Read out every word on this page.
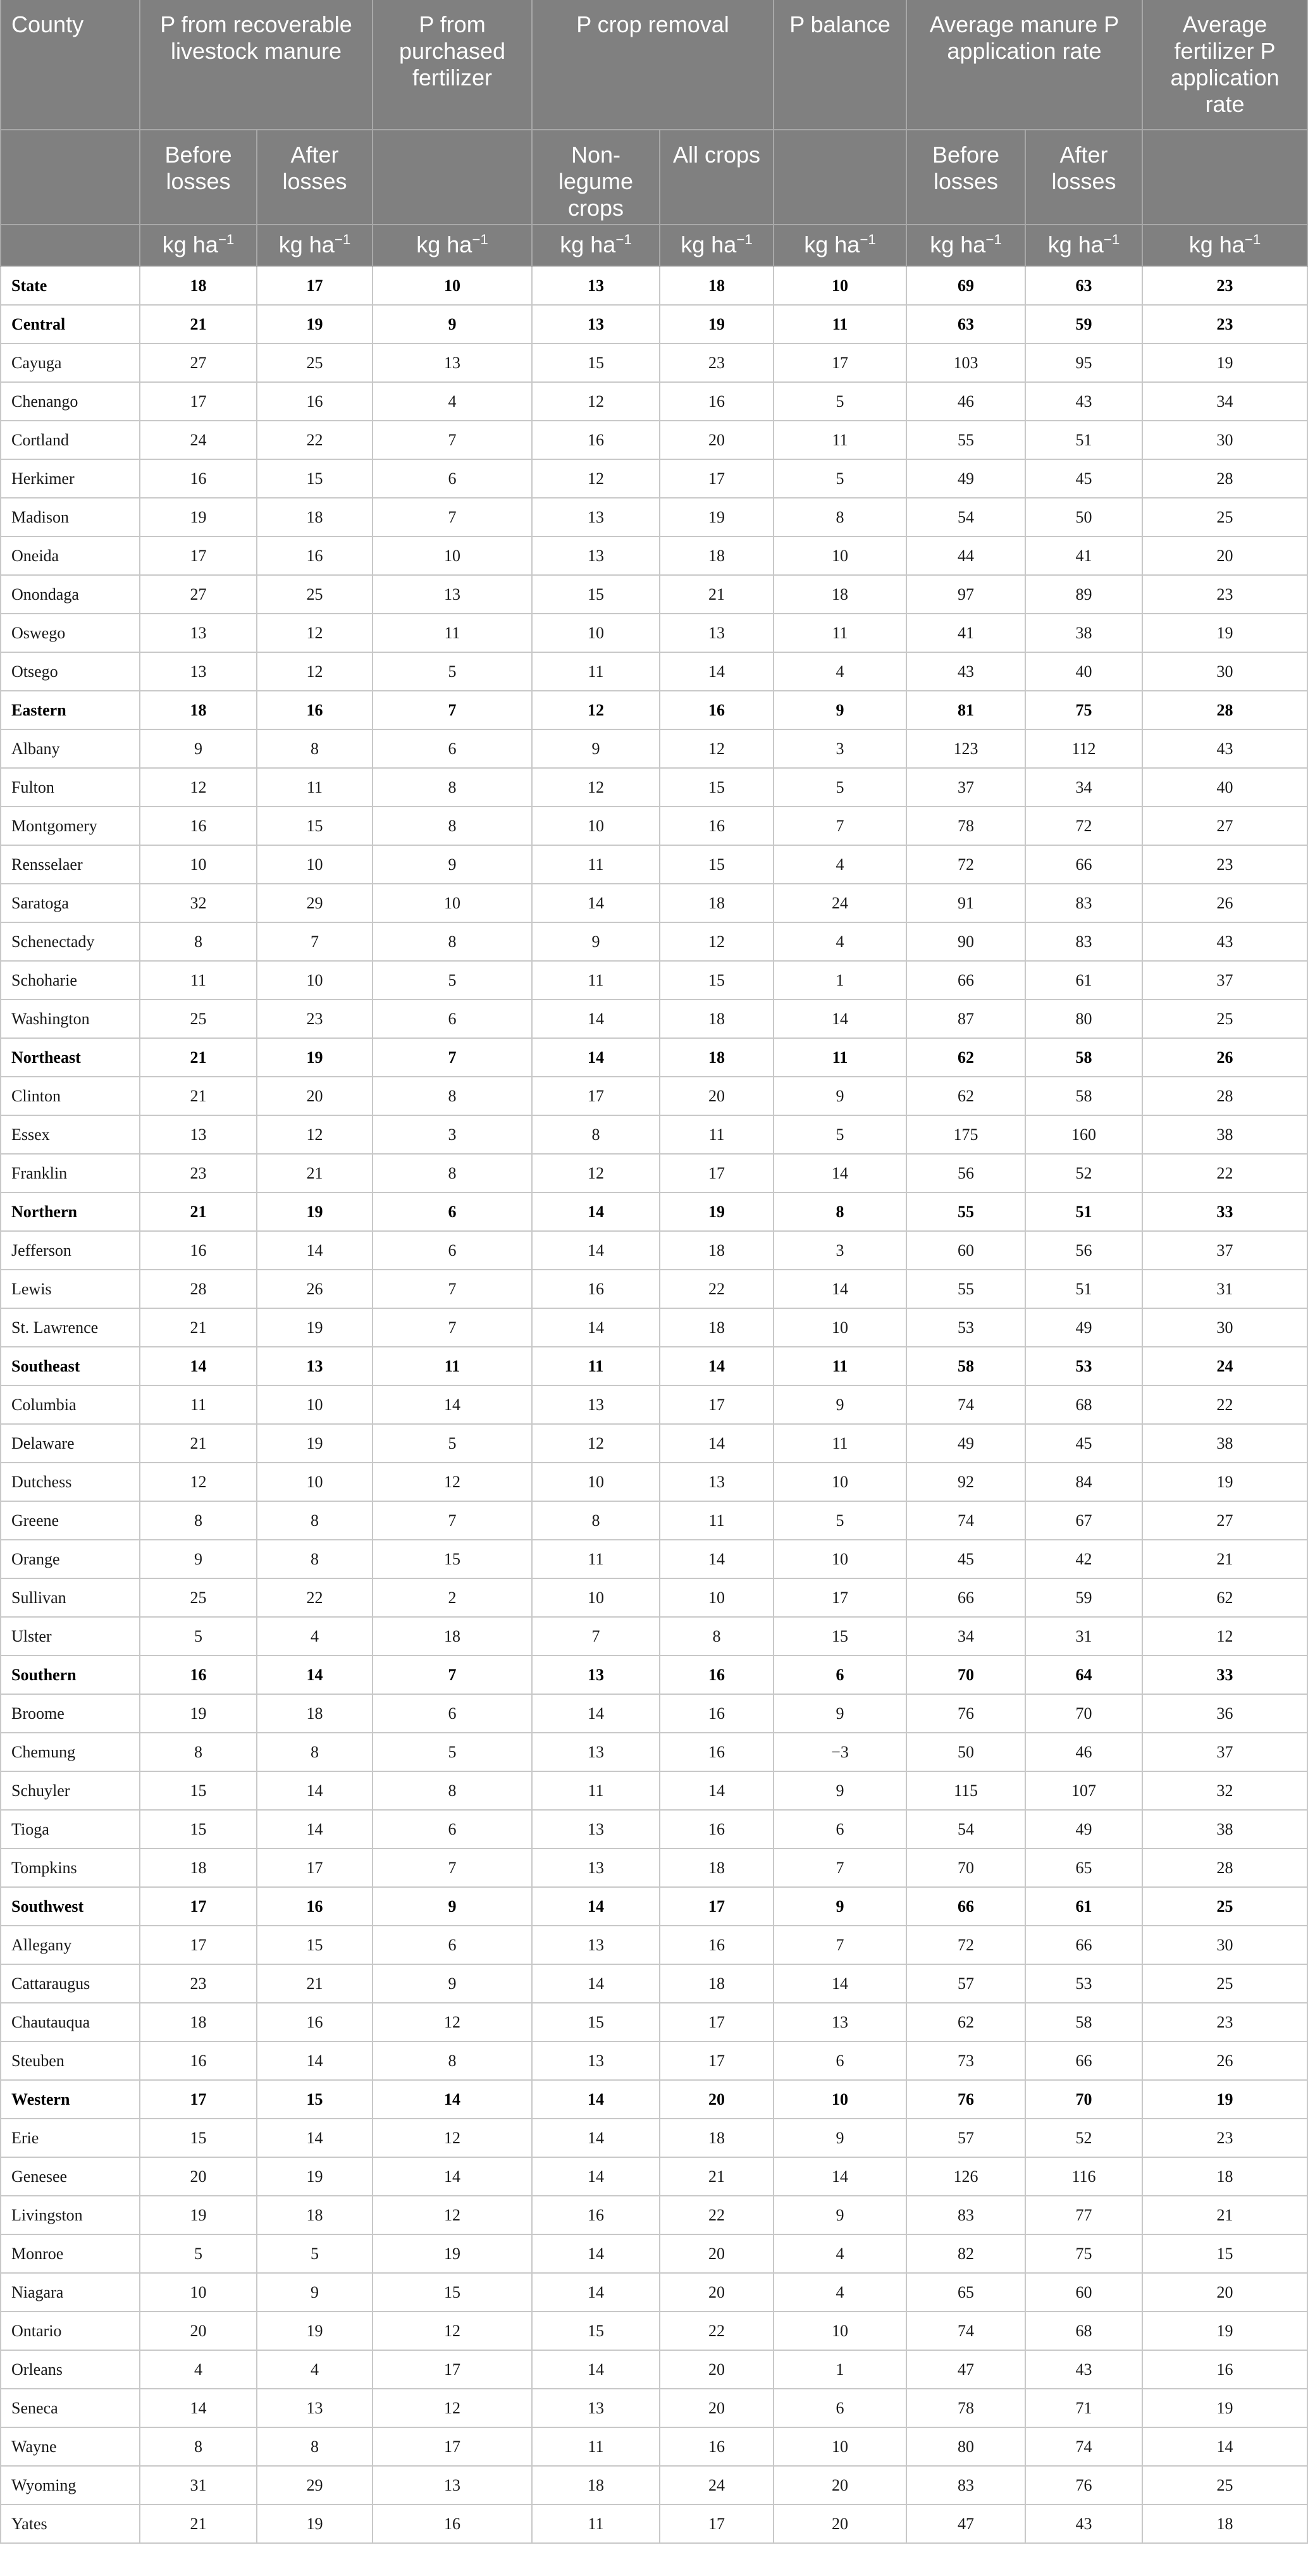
County	P from recoverable livestock manure		P from purchased fertilizer	P crop removal		P balance	Average manure P application rate		Average fertilizer P application rate
	Before losses	After losses		Non-legume crops	All crops		Before losses	After losses	
	kg $ha^{-1}$	kg $ha^{-1}$	kg $ha^{-1}$	kg $ha^{-1}$	kg $ha^{-1}$	kg $ha^{-1}$	kg $ha^{-1}$	kg $ha^{-1}$	kg $ha^{-1}$
State	18	17	10	13	18	10	69	63	23
Central	21	19	9	13	19	11	63	59	23
Cayuga	27	25	13	15	23	17	103	95	19
Chenango	17	16	4	12	16	5	46	43	34
Cortland	24	22	7	16	20	11	55	51	30
Herkimer	16	15	6	12	17	5	49	45	28
Madison	19	18	7	13	19	8	54	50	25
Oneida	17	16	10	13	18	10	44	41	20
Onondaga	27	25	13	15	21	18	97	89	23
Oswego	13	12	11	10	13	11	41	38	19
Otsego	13	12	5	11	14	4	43	40	30
Eastern	18	16	7	12	16	9	81	75	28
Albany	9	8	6	9	12	3	123	112	43
Fulton	12	11	8	12	15	5	37	34	40
Montgomery	16	15	8	10	16	7	78	72	27
Rensselaer	10	10	9	11	15	4	72	66	23
Saratoga	32	29	10	14	18	24	91	83	26
Schenectady	8	7	8	9	12	4	90	83	43
Schoharie	11	10	5	11	15	1	66	61	37
Washington	25	23	6	14	18	14	87	80	25
Northeast	21	19	7	14	18	11	62	58	26
Clinton	21	20	8	17	20	9	62	58	28
Essex	13	12	3	8	11	5	175	160	38
Franklin	23	21	8	12	17	14	56	52	22
Northern	21	19	6	14	19	8	55	51	33
Jefferson	16	14	6	14	18	3	60	56	37
Lewis	28	26	7	16	22	14	55	51	31
St. Lawrence	21	19	7	14	18	10	53	49	30
Southeast	14	13	11	11	14	11	58	53	24
Columbia	11	10	14	13	17	9	74	68	22
Delaware	21	19	5	12	14	11	49	45	38
Dutchess	12	10	12	10	13	10	92	84	19
Greene	8	8	7	8	11	5	74	67	27
Orange	9	8	15	11	14	10	45	42	21
Sullivan	25	22	2	10	10	17	66	59	62
Ulster	5	4	18	7	8	15	34	31	12
Southern	16	14	7	13	16	6	70	64	33
Broome	19	18	6	14	16	9	76	70	36
Chemung	8	8	5	13	16	−3	50	46	37
Schuyler	15	14	8	11	14	9	115	107	32
Tioga	15	14	6	13	16	6	54	49	38
Tompkins	18	17	7	13	18	7	70	65	28
Southwest	17	16	9	14	17	9	66	61	25
Allegany	17	15	6	13	16	7	72	66	30
Cattaraugus	23	21	9	14	18	14	57	53	25
Chautauqua	18	16	12	15	17	13	62	58	23
Steuben	16	14	8	13	17	6	73	66	26
Western	17	15	14	14	20	10	76	70	19
Erie	15	14	12	14	18	9	57	52	23
Genesee	20	19	14	14	21	14	126	116	18
Livingston	19	18	12	16	22	9	83	77	21
Monroe	5	5	19	14	20	4	82	75	15
Niagara	10	9	15	14	20	4	65	60	20
Ontario	20	19	12	15	22	10	74	68	19
Orleans	4	4	17	14	20	1	47	43	16
Seneca	14	13	12	13	20	6	78	71	19
Wayne	8	8	17	11	16	10	80	74	14
Wyoming	31	29	13	18	24	20	83	76	25
Yates	21	19	16	11	17	20	47	43	18
